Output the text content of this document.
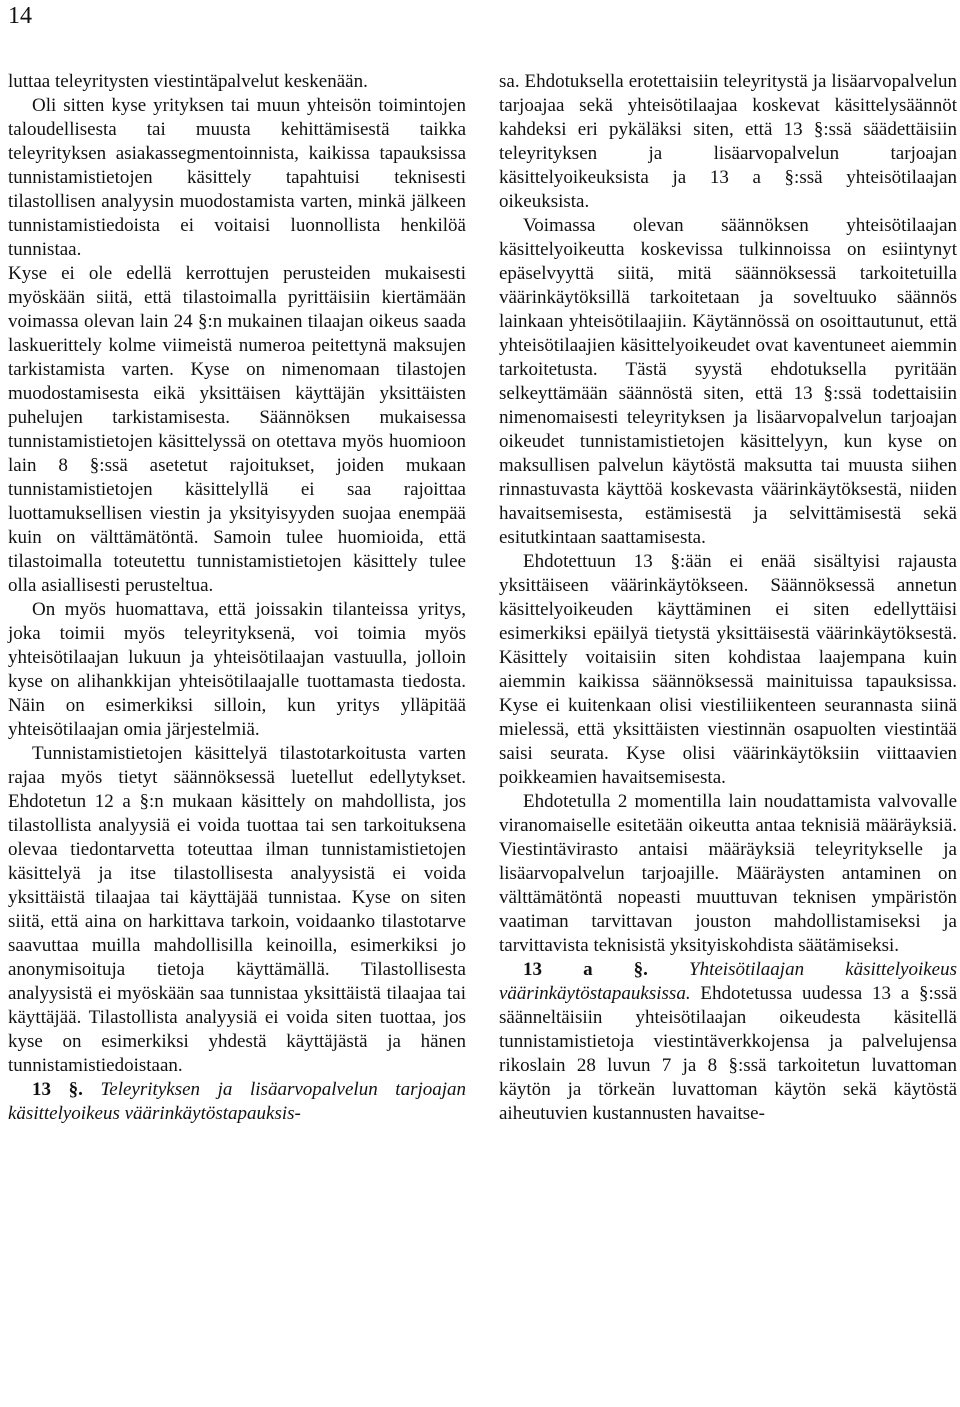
14

luttaa teleyritysten viestintäpalvelut keskenään.

Oli sitten kyse yrityksen tai muun yhteisön toimintojen taloudellisesta tai muusta kehittämisestä taikka teleyrityksen asiakassegmentoinnista, kaikissa tapauksissa tunnistamistietojen käsittely tapahtuisi teknisesti tilastollisen analyysin muodostamista varten, minkä jälkeen tunnistamistiedoista ei voitaisi luonnollista henkilöä tunnistaa.

Kyse ei ole edellä kerrottujen perusteiden mukaisesti myöskään siitä, että tilastoimalla pyrittäisiin kiertämään voimassa olevan lain 24 §:n mukainen tilaajan oikeus saada laskuerittely kolme viimeistä numeroa peitettynä maksujen tarkistamista varten. Kyse on nimenomaan tilastojen muodostamisesta eikä yksittäisen käyttäjän yksittäisten puhelujen tarkistamisesta. Säännöksen mukaisessa tunnistamistietojen käsittelyssä on otettava myös huomioon lain 8 §:ssä asetetut rajoitukset, joiden mukaan tunnistamistietojen käsittelyllä ei saa rajoittaa luottamuksellisen viestin ja yksityisyyden suojaa enempää kuin on välttämätöntä. Samoin tulee huomioida, että tilastoimalla toteutettu tunnistamistietojen käsittely tulee olla asiallisesti perusteltua.

On myös huomattava, että joissakin tilanteissa yritys, joka toimii myös teleyrityksenä, voi toimia myös yhteisötilaajan lukuun ja yhteisötilaajan vastuulla, jolloin kyse on alihankkijan yhteisötilaajalle tuottamasta tiedosta. Näin on esimerkiksi silloin, kun yritys ylläpitää yhteisötilaajan omia järjestelmiä.

Tunnistamistietojen käsittelyä tilastotarkoitusta varten rajaa myös tietyt säännöksessä luetellut edellytykset. Ehdotetun 12 a §:n mukaan käsittely on mahdollista, jos tilastollista analyysiä ei voida tuottaa tai sen tarkoituksena olevaa tiedontarvetta toteuttaa ilman tunnistamistietojen käsittelyä ja itse tilastollisesta analyysistä ei voida yksittäistä tilaajaa tai käyttäjää tunnistaa. Kyse on siten siitä, että aina on harkittava tarkoin, voidaanko tilastotarve saavuttaa muilla mahdollisilla keinoilla, esimerkiksi jo anonymisoituja tietoja käyttämällä. Tilastollisesta analyysistä ei myöskään saa tunnistaa yksittäistä tilaajaa tai käyttäjää. Tilastollista analyysiä ei voida siten tuottaa, jos kyse on esimerkiksi yhdestä käyttäjästä ja hänen tunnistamistiedoistaan.

13 §. Teleyrityksen ja lisäarvopalvelun tarjoajan käsittelyoikeus väärinkäytöstapauksis-

sa. Ehdotuksella erotettaisiin teleyritystä ja lisäarvopalvelun tarjoajaa sekä yhteisötilaajaa koskevat käsittelysäännöt kahdeksi eri pykäläksi siten, että 13 §:ssä säädettäisiin teleyrityksen ja lisäarvopalvelun tarjoajan käsittelyoikeuksista ja 13 a §:ssä yhteisötilaajan oikeuksista.

Voimassa olevan säännöksen yhteisötilaajan käsittelyoikeutta koskevissa tulkinnoissa on esiintynyt epäselvyyttä siitä, mitä säännöksessä tarkoitetuilla väärinkäytöksillä tarkoitetaan ja soveltuuko säännös lainkaan yhteisötilaajiin. Käytännössä on osoittautunut, että yhteisötilaajien käsittelyoikeudet ovat kaventuneet aiemmin tarkoitetusta. Tästä syystä ehdotuksella pyritään selkeyttämään säännöstä siten, että 13 §:ssä todettaisiin nimenomaisesti teleyrityksen ja lisäarvopalvelun tarjoajan oikeudet tunnistamistietojen käsittelyyn, kun kyse on maksullisen palvelun käytöstä maksutta tai muusta siihen rinnastuvasta käyttöä koskevasta väärinkäytöksestä, niiden havaitsemisesta, estämisestä ja selvittämisestä sekä esitutkintaan saattamisesta.

Ehdotettuun 13 §:ään ei enää sisältyisi rajausta yksittäiseen väärinkäytökseen. Säännöksessä annetun käsittelyoikeuden käyttäminen ei siten edellyttäisi esimerkiksi epäilyä tietystä yksittäisestä väärinkäytöksestä. Käsittely voitaisiin siten kohdistaa laajempana kuin aiemmin kaikissa säännöksessä mainituissa tapauksissa. Kyse ei kuitenkaan olisi viestiliikenteen seurannasta siinä mielessä, että yksittäisten viestinnän osapuolten viestintää saisi seurata. Kyse olisi väärinkäytöksiin viittaavien poikkeamien havaitsemisesta.

Ehdotetulla 2 momentilla lain noudattamista valvovalle viranomaiselle esitetään oikeutta antaa teknisiä määräyksiä. Viestintävirasto antaisi määräyksiä teleyritykselle ja lisäarvopalvelun tarjoajille. Määräysten antaminen on välttämätöntä nopeasti muuttuvan teknisen ympäristön vaatiman tarvittavan jouston mahdollistamiseksi ja tarvittavista teknisistä yksityiskohdista säätämiseksi.

13 a §. Yhteisötilaajan käsittelyoikeus väärinkäytöstapauksissa. Ehdotetussa uudessa 13 a §:ssä säänneltäisiin yhteisötilaajan oikeudesta käsitellä tunnistamistietoja viestintäverkkojensa ja palvelujensa rikoslain 28 luvun 7 ja 8 §:ssä tarkoitetun luvattoman käytön ja törkeän luvattoman käytön sekä käytöstä aiheutuvien kustannusten havaitse-
